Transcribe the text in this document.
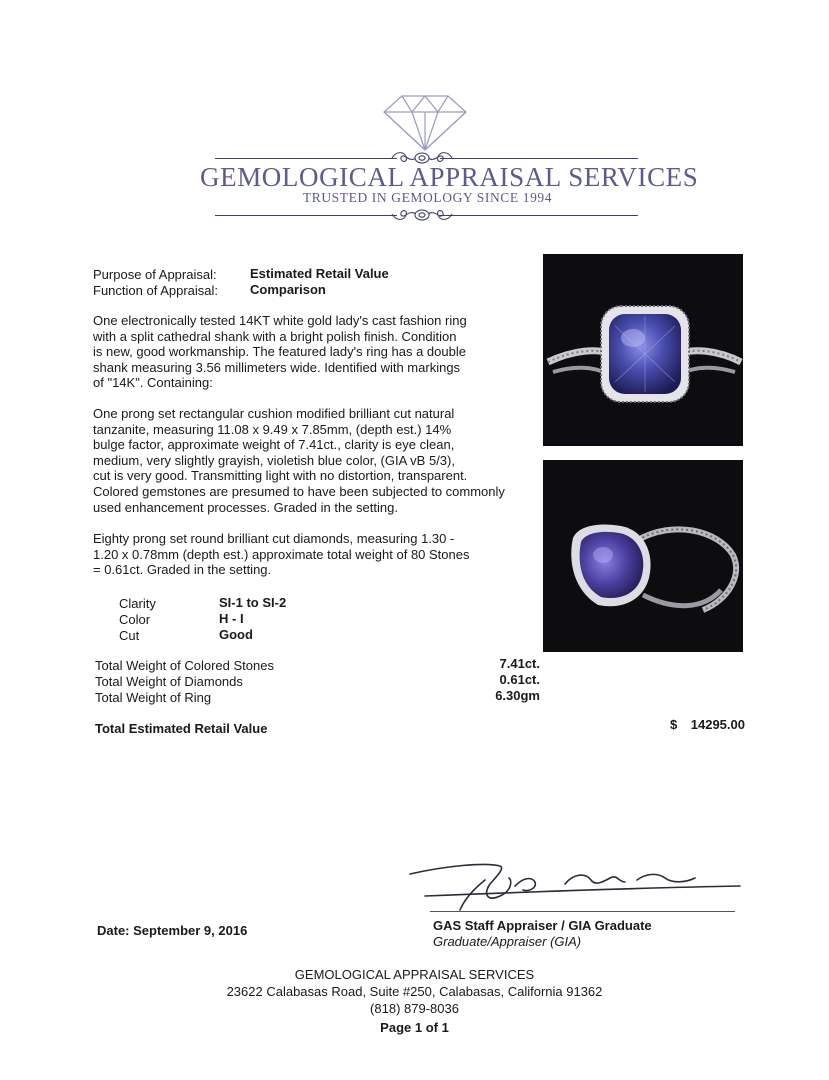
GEMOLOGICAL APPRAISAL SERVICES
TRUSTED IN GEMOLOGY SINCE 1994
Purpose of Appraisal:	Estimated Retail Value
Function of Appraisal: Comparison
One electronically tested 14KT white gold lady's cast fashion ring
with a split cathedral shank with a bright polish finish. Condition
is new, good workmanship. The featured lady's ring has a double
shank measuring 3.56 millimeters wide. Identified with markings
of "14K". Containing:
One prong set rectangular cushion modified brilliant cut natural
tanzanite, measuring 11.08 x 9.49 x 7.85mm, (depth est.) 14%
bulge factor, approximate weight of 7.41ct., clarity is eye clean,
medium, very slightly grayish, violetish blue color, (GIA vB 5/3),
cut is very good. Transmitting light with no distortion, transparent.
Colored gemstones are presumed to have been subjected to commonly
used enhancement processes. Graded in the setting.
Eighty prong set round brilliant cut diamonds, measuring 1.30 -
1.20 x 0.78mm (depth est.) approximate total weight of 80 Stones
= 0.61ct. Graded in the setting.
Clarity	SI-1 to SI-2
Color	H - I
Cut	Good
Total Weight of Colored Stones	7.41ct.
Total Weight of Diamonds	0.61ct.
Total Weight of Ring	6.30gm
Total Estimated Retail Value	$	14295.00
Date: September 9, 2016	GAS Staff Appraiser / GIA Graduate
Graduate/Appraiser (GIA)
GEMOLOGICAL APPRAISAL SERVICES
23622 Calabasas Road, Suite #250, Calabasas, California 91362
(818) 879-8036
Page 1 of 1
